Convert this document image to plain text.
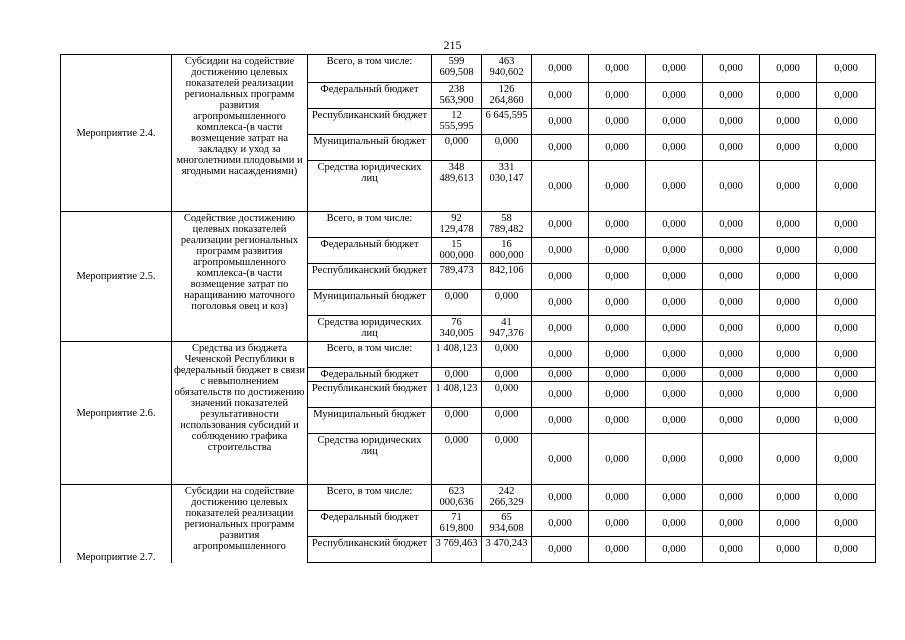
215
Мероприятие 2.4.	Субсидии на содействие достижению целевых показателей реализации региональных программ развития агропромышленного комплекса-(в части возмещение затрат на закладку и уход за многолетними плодовыми и ягодными насаждениями)	Всего, в том числе:	599 609,508	463 940,602	0,000	0,000	0,000	0,000	0,000	0,000
		Федеральный бюджет	238 563,900	126 264,860	0,000	0,000	0,000	0,000	0,000	0,000
		Республиканский бюджет	12 555,995	6 645,595	0,000	0,000	0,000	0,000	0,000	0,000
		Муниципальный бюджет	0,000	0,000	0,000	0,000	0,000	0,000	0,000	0,000
		Средства юридических лиц	348 489,613	331 030,147	0,000	0,000	0,000	0,000	0,000	0,000
Мероприятие 2.5.	Содействие достижению целевых показателей реализации региональных программ развития агропромышленного комплекса-(в части возмещение затрат по наращиванию маточного поголовья овец и коз)	Всего, в том числе:	92 129,478	58 789,482	0,000	0,000	0,000	0,000	0,000	0,000
		Федеральный бюджет	15 000,000	16 000,000	0,000	0,000	0,000	0,000	0,000	0,000
		Республиканский бюджет	789,473	842,106	0,000	0,000	0,000	0,000	0,000	0,000
		Муниципальный бюджет	0,000	0,000	0,000	0,000	0,000	0,000	0,000	0,000
		Средства юридических лиц	76 340,005	41 947,376	0,000	0,000	0,000	0,000	0,000	0,000
Мероприятие 2.6.	Средства из бюджета Чеченской Республики в федеральный бюджет в связи с невыполнением обязательств по достижению значений показателей результативности использования субсидий и соблюдению графика строительства	Всего, в том числе:	1 408,123	0,000	0,000	0,000	0,000	0,000	0,000	0,000
		Федеральный бюджет	0,000	0,000	0,000	0,000	0,000	0,000	0,000	0,000
		Республиканский бюджет	1 408,123	0,000	0,000	0,000	0,000	0,000	0,000	0,000
		Муниципальный бюджет	0,000	0,000	0,000	0,000	0,000	0,000	0,000	0,000
		Средства юридических лиц	0,000	0,000	0,000	0,000	0,000	0,000	0,000	0,000
Мероприятие 2.7.	Субсидии на содействие достижению целевых показателей реализации региональных программ развития агропромышленного	Всего, в том числе:	623 000,636	242 266,329	0,000	0,000	0,000	0,000	0,000	0,000
		Федеральный бюджет	71 619,800	65 934,608	0,000	0,000	0,000	0,000	0,000	0,000
		Республиканский бюджет	3 769,463	3 470,243	0,000	0,000	0,000	0,000	0,000	0,000
